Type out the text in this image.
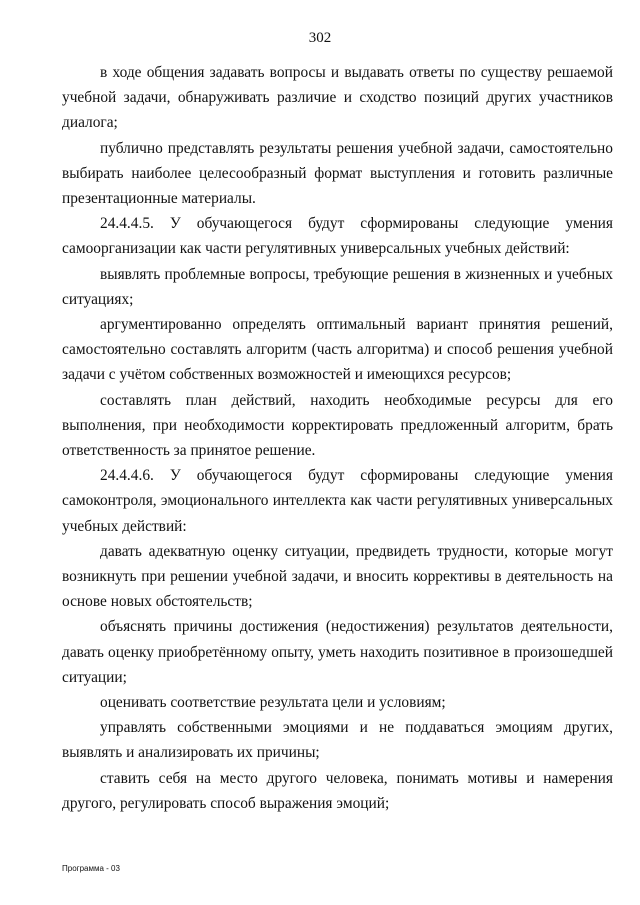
302

в ходе общения задавать вопросы и выдавать ответы по существу решаемой учебной задачи, обнаруживать различие и сходство позиций других участников диалога;

публично представлять результаты решения учебной задачи, самостоятельно выбирать наиболее целесообразный формат выступления и готовить различные презентационные материалы.

24.4.4.5. У обучающегося будут сформированы следующие умения самоорганизации как части регулятивных универсальных учебных действий:

выявлять проблемные вопросы, требующие решения в жизненных и учебных ситуациях;

аргументированно определять оптимальный вариант принятия решений, самостоятельно составлять алгоритм (часть алгоритма) и способ решения учебной задачи с учётом собственных возможностей и имеющихся ресурсов;

составлять план действий, находить необходимые ресурсы для его выполнения, при необходимости корректировать предложенный алгоритм, брать ответственность за принятое решение.

24.4.4.6. У обучающегося будут сформированы следующие умения самоконтроля, эмоционального интеллекта как части регулятивных универсальных учебных действий:

давать адекватную оценку ситуации, предвидеть трудности, которые могут возникнуть при решении учебной задачи, и вносить коррективы в деятельность на основе новых обстоятельств;

объяснять причины достижения (недостижения) результатов деятельности, давать оценку приобретённому опыту, уметь находить позитивное в произошедшей ситуации;

оценивать соответствие результата цели и условиям;

управлять собственными эмоциями и не поддаваться эмоциям других, выявлять и анализировать их причины;

ставить себя на место другого человека, понимать мотивы и намерения другого, регулировать способ выражения эмоций;

Программа - 03
